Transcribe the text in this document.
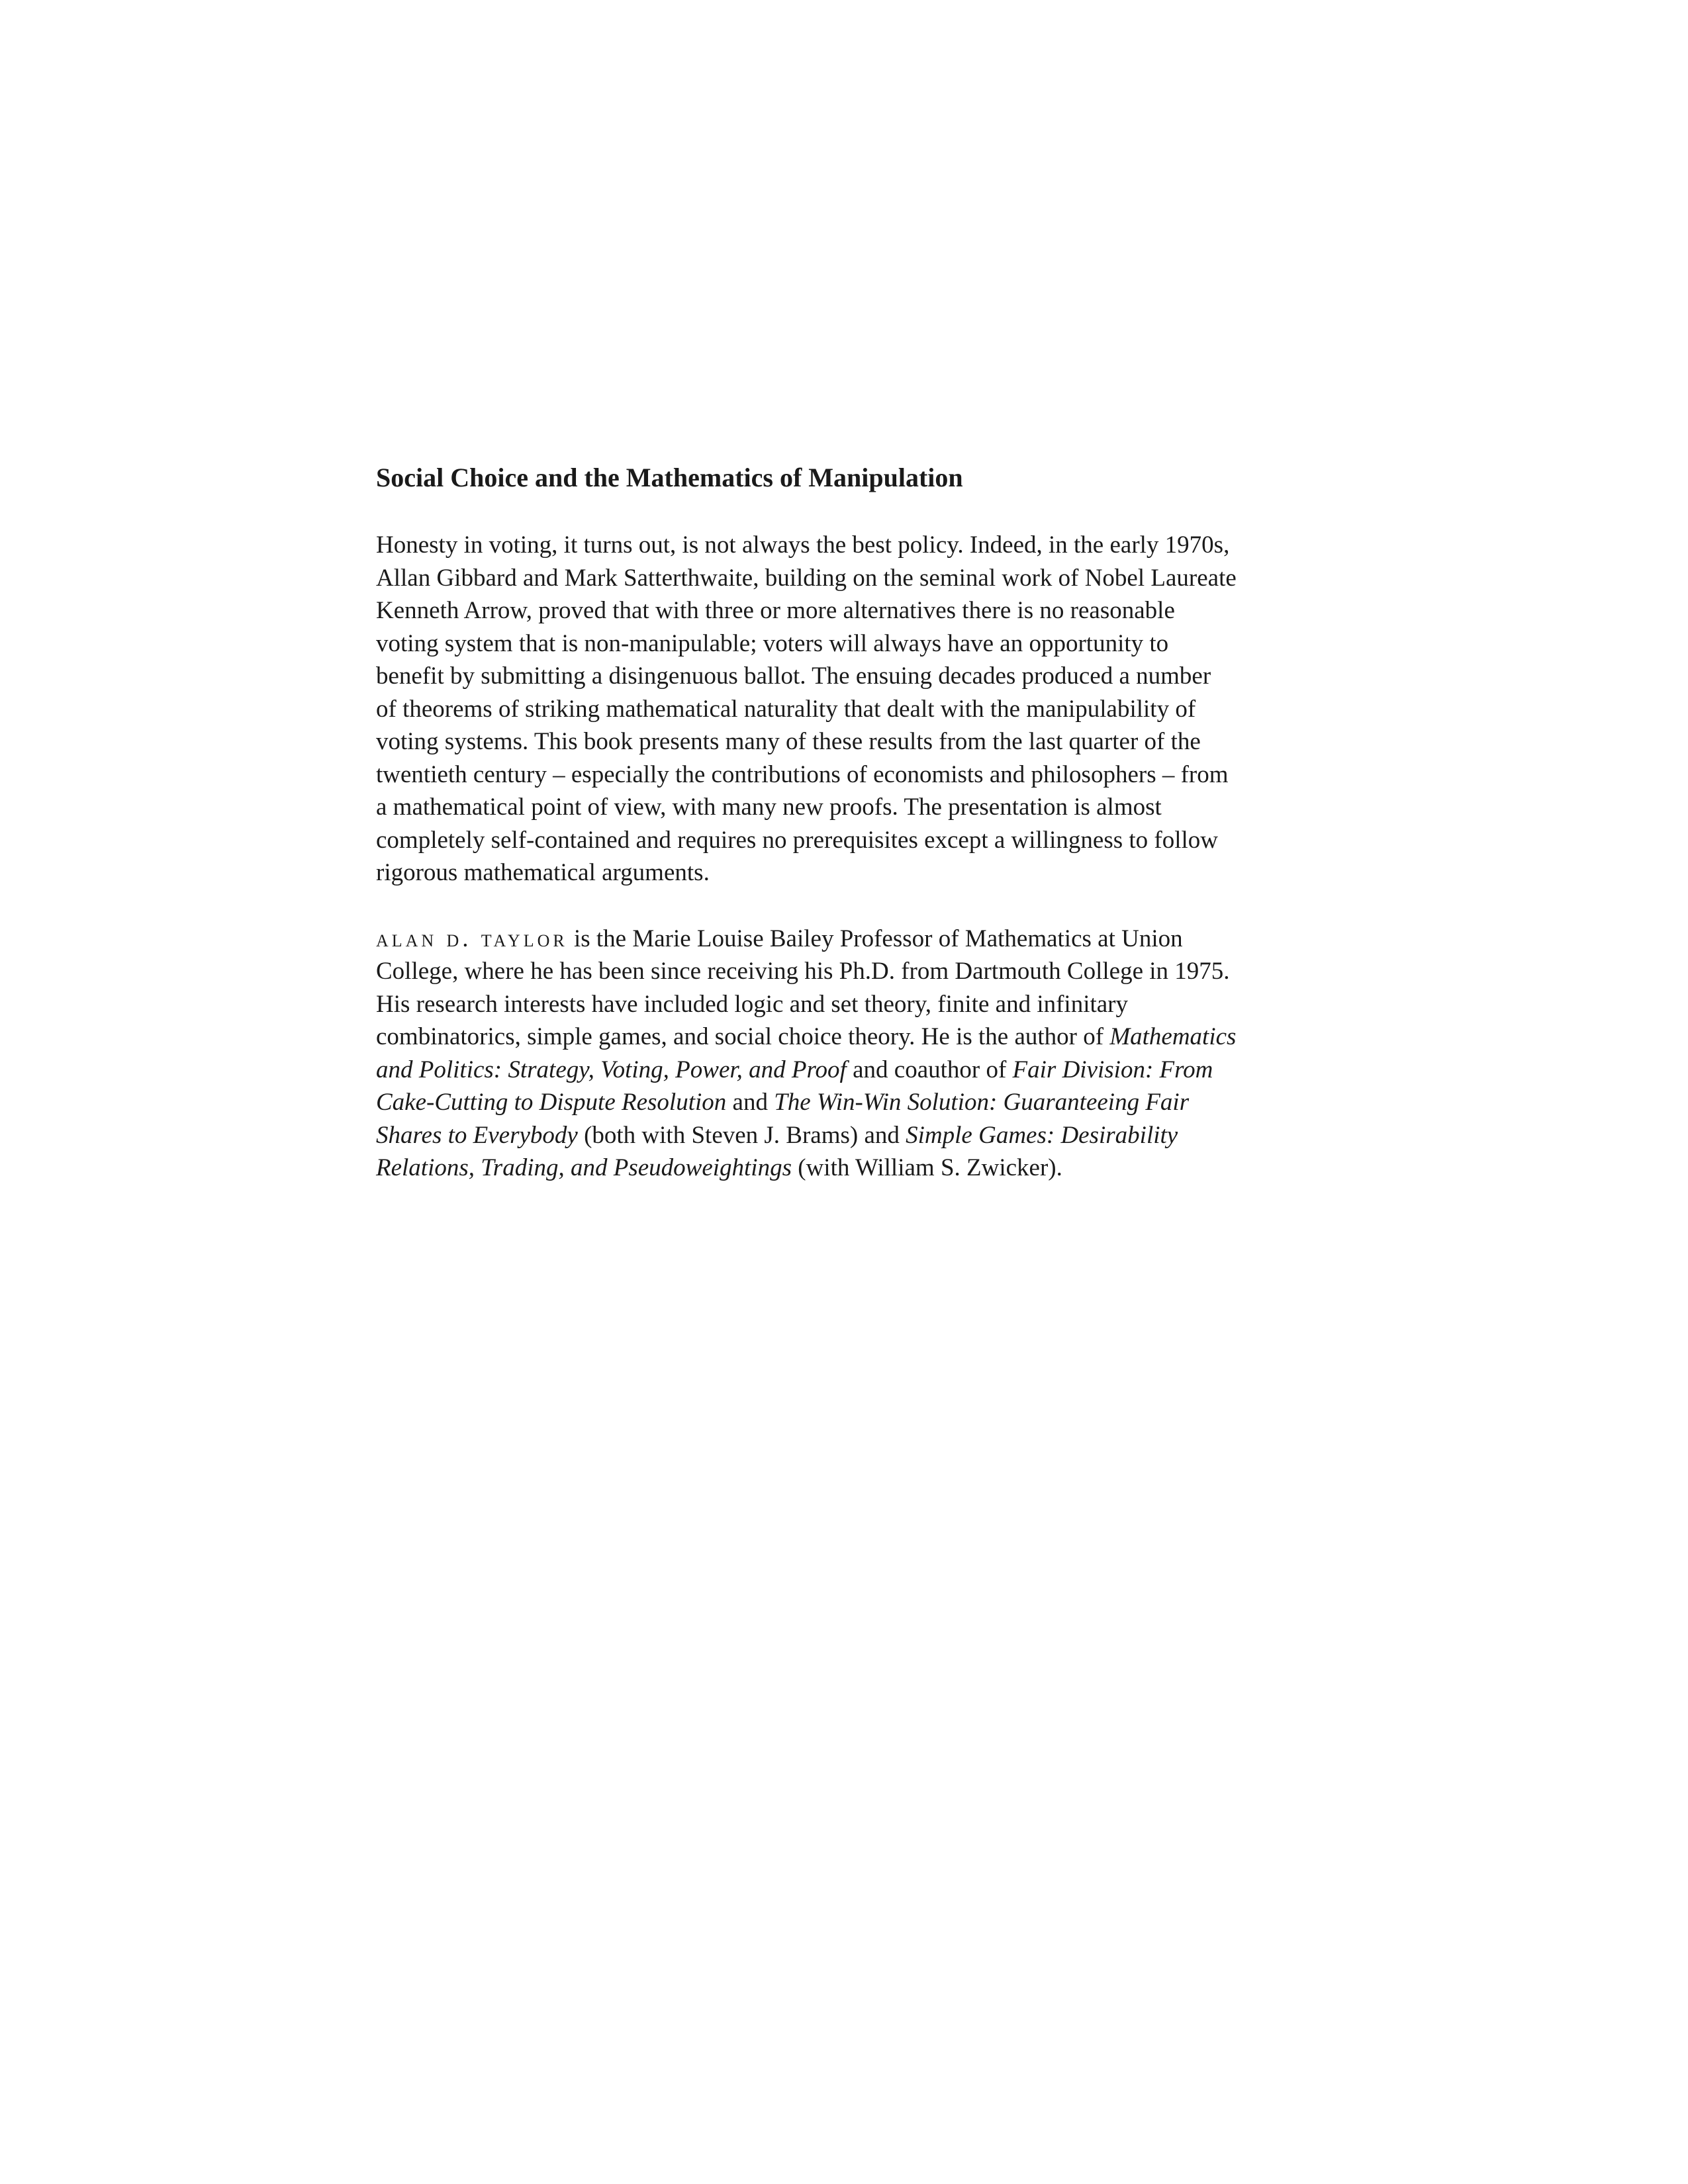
Social Choice and the Mathematics of Manipulation

Honesty in voting, it turns out, is not always the best policy. Indeed, in the early 1970s, Allan Gibbard and Mark Satterthwaite, building on the seminal work of Nobel Laureate Kenneth Arrow, proved that with three or more alternatives there is no reasonable voting system that is non-manipulable; voters will always have an opportunity to benefit by submitting a disingenuous ballot. The ensuing decades produced a number of theorems of striking mathematical naturality that dealt with the manipulability of voting systems. This book presents many of these results from the last quarter of the twentieth century – especially the contributions of economists and philosophers – from a mathematical point of view, with many new proofs. The presentation is almost completely self-contained and requires no prerequisites except a willingness to follow rigorous mathematical arguments.

alan d. taylor is the Marie Louise Bailey Professor of Mathematics at Union College, where he has been since receiving his Ph.D. from Dartmouth College in 1975. His research interests have included logic and set theory, finite and infinitary combinatorics, simple games, and social choice theory. He is the author of Mathematics and Politics: Strategy, Voting, Power, and Proof and coauthor of Fair Division: From Cake-Cutting to Dispute Resolution and The Win-Win Solution: Guaranteeing Fair Shares to Everybody (both with Steven J. Brams) and Simple Games: Desirability Relations, Trading, and Pseudoweightings (with William S. Zwicker).
